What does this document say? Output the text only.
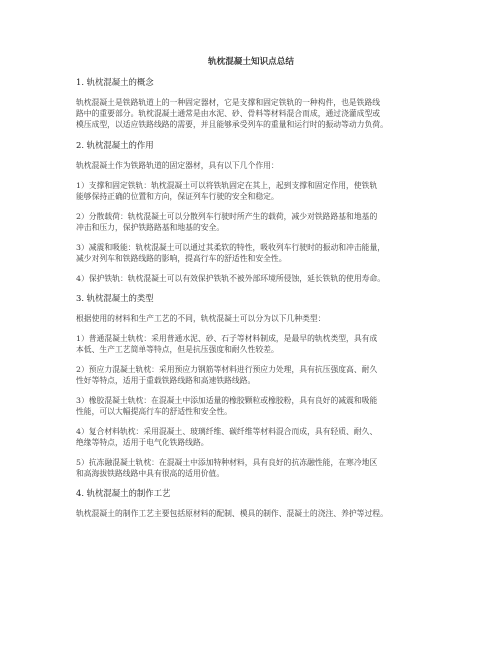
轨枕混凝土知识点总结

1. 轨枕混凝土的概念

轨枕混凝土是铁路轨道上的一种固定器材，它是支撑和固定铁轨的一种构件，也是铁路线
路中的重要部分。轨枕混凝土通常是由水泥、砂、骨料等材料混合而成，通过浇灌成型或
模压成型，以适应铁路线路的需要，并且能够承受列车的重量和运行时的振动等动力负荷。

2. 轨枕混凝土的作用

轨枕混凝土作为铁路轨道的固定器材，具有以下几个作用：

1）支撑和固定铁轨：轨枕混凝土可以将铁轨固定在其上，起到支撑和固定作用，使铁轨
能够保持正确的位置和方向，保证列车行驶的安全和稳定。

2）分散载荷：轨枕混凝土可以分散列车行驶时所产生的载荷，减少对铁路路基和地基的
冲击和压力，保护铁路路基和地基的安全。

3）减震和吸能：轨枕混凝土可以通过其柔软的特性，吸收列车行驶时的振动和冲击能量，
减少对列车和铁路线路的影响，提高行车的舒适性和安全性。

4）保护铁轨：轨枕混凝土可以有效保护铁轨不被外部环境所侵蚀，延长铁轨的使用寿命。

3. 轨枕混凝土的类型

根据使用的材料和生产工艺的不同，轨枕混凝土可以分为以下几种类型：

1）普通混凝土轨枕：采用普通水泥、砂、石子等材料制成，是最早的轨枕类型，具有成
本低、生产工艺简单等特点，但是抗压强度和耐久性较差。

2）预应力混凝土轨枕：采用预应力钢筋等材料进行预应力处理，具有抗压强度高、耐久
性好等特点，适用于重载铁路线路和高速铁路线路。

3）橡胶混凝土轨枕：在混凝土中添加适量的橡胶颗粒或橡胶粉，具有良好的减震和吸能
性能，可以大幅提高行车的舒适性和安全性。

4）复合材料轨枕：采用混凝土、玻璃纤维、碳纤维等材料混合而成，具有轻质、耐久、
绝缘等特点，适用于电气化铁路线路。

5）抗冻融混凝土轨枕：在混凝土中添加特种材料，具有良好的抗冻融性能，在寒冷地区
和高海拔铁路线路中具有很高的适用价值。

4. 轨枕混凝土的制作工艺

轨枕混凝土的制作工艺主要包括原材料的配制、模具的制作、混凝土的浇注、养护等过程。
